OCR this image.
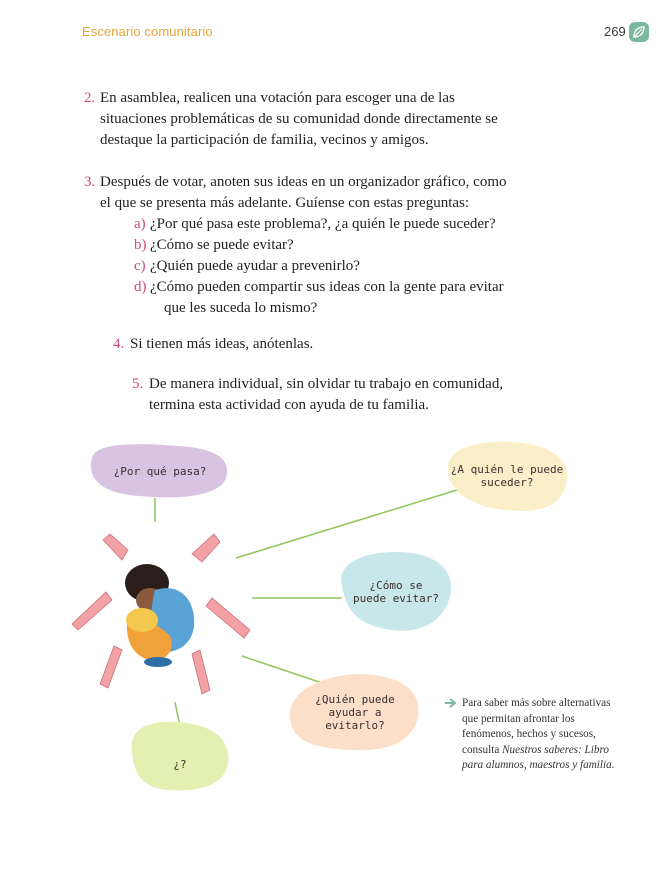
Escenario comunitario	269
2. En asamblea, realicen una votación para escoger una de las
situaciones problemáticas de su comunidad donde directamente se
destaque la participación de familia, vecinos y amigos.
3. Después de votar, anoten sus ideas en un organizador gráfico, como
el que se presenta más adelante. Guíense con estas preguntas:
a) ¿Por qué pasa este problema?, ¿a quién le puede suceder?
b) ¿Cómo se puede evitar?
c) ¿Quién puede ayudar a prevenirlo?
d) ¿Cómo pueden compartir sus ideas con la gente para evitar
que les suceda lo mismo?
4. Si tienen más ideas, anótenlas.
5. De manera individual, sin olvidar tu trabajo en comunidad,
termina esta actividad con ayuda de tu familia.
¿Por qué pasa?	¿A quién le puede
suceder?
¿Cómo se
puede evitar?
¿Quién puede
ayudar a evitarlo?
¿?
Para saber más sobre alternativas que permitan afrontar los fenómenos, hechos y sucesos, consulta Nuestros saberes: Libro para alumnos, maestros y familia.
